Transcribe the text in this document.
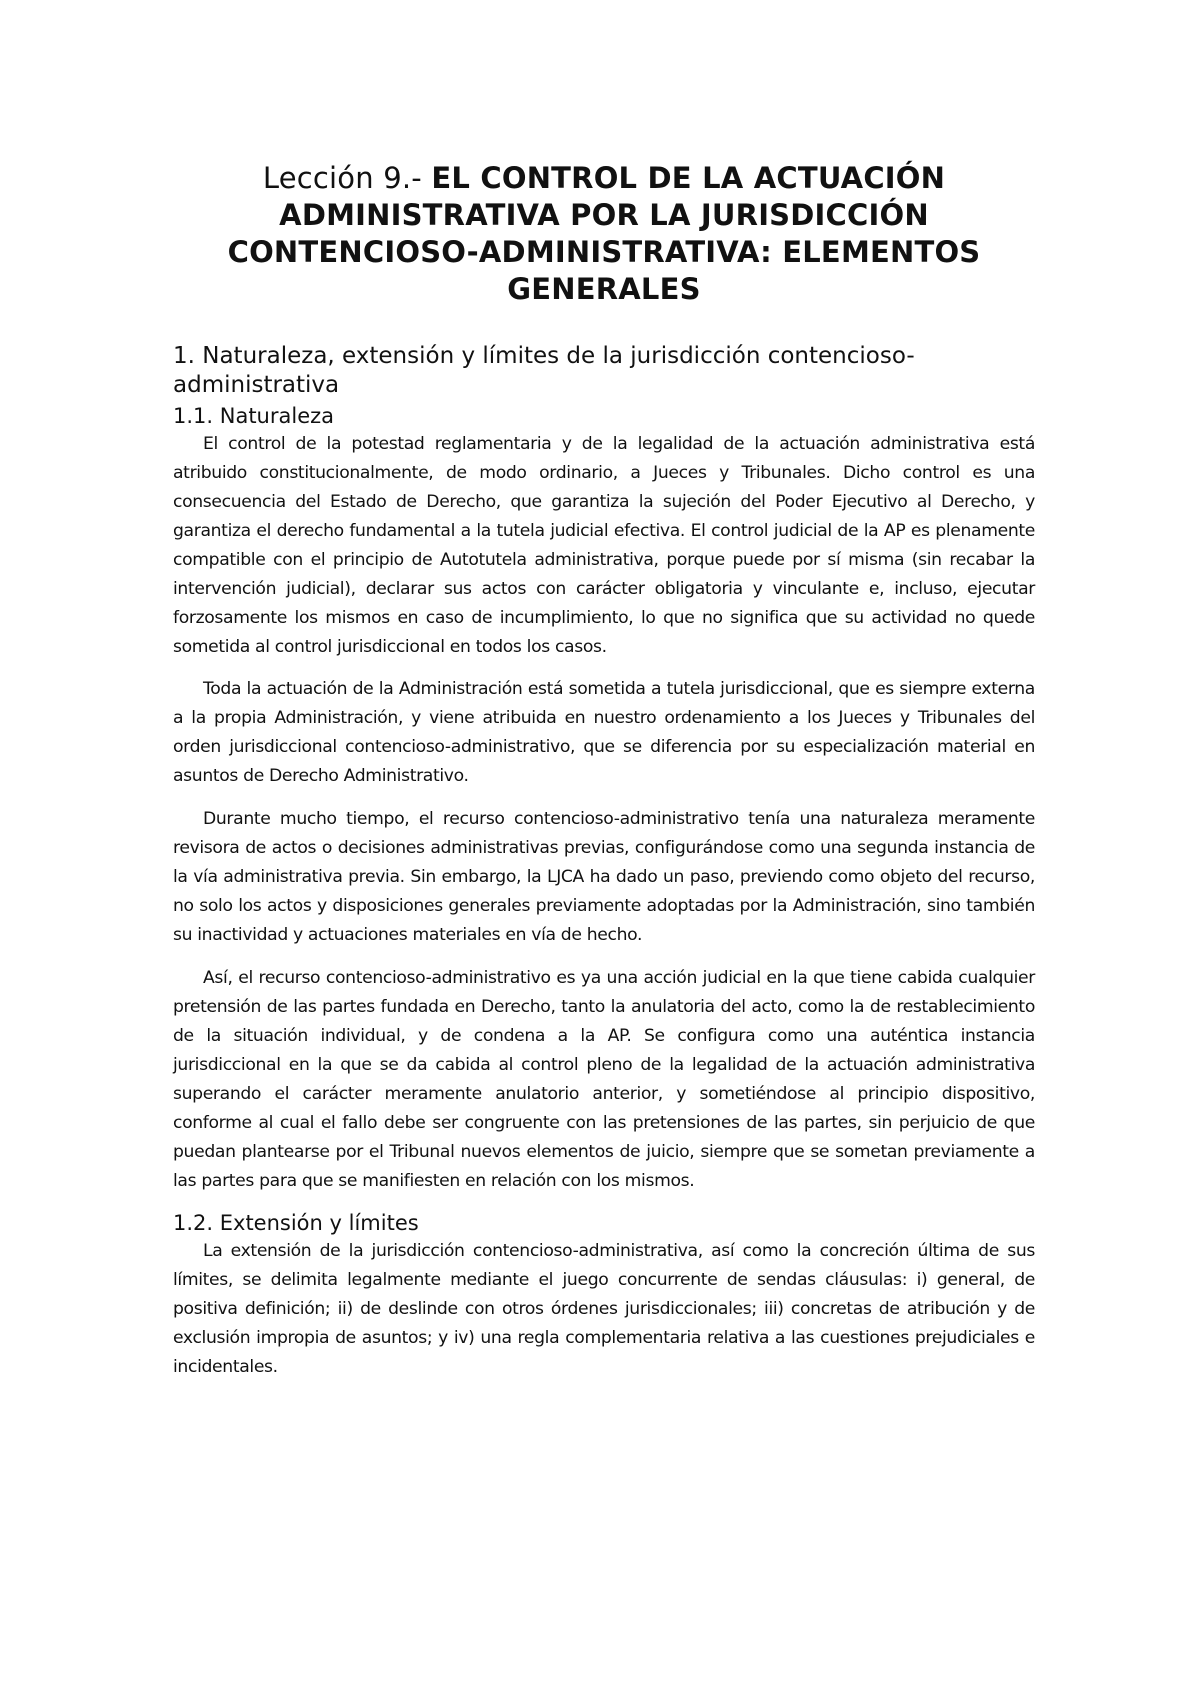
Lección 9.- EL CONTROL DE LA ACTUACIÓN ADMINISTRATIVA POR LA JURISDICCIÓN CONTENCIOSO-ADMINISTRATIVA: ELEMENTOS GENERALES
1. Naturaleza, extensión y límites de la jurisdicción contencioso-administrativa
1.1. Naturaleza

El control de la potestad reglamentaria y de la legalidad de la actuación administrativa está atribuido constitucionalmente, de modo ordinario, a Jueces y Tribunales. Dicho control es una consecuencia del Estado de Derecho, que garantiza la sujeción del Poder Ejecutivo al Derecho, y garantiza el derecho fundamental a la tutela judicial efectiva. El control judicial de la AP es plenamente compatible con el principio de Autotutela administrativa, porque puede por sí misma (sin recabar la intervención judicial), declarar sus actos con carácter obligatoria y vinculante e, incluso, ejecutar forzosamente los mismos en caso de incumplimiento, lo que no significa que su actividad no quede sometida al control jurisdiccional en todos los casos.

Toda la actuación de la Administración está sometida a tutela jurisdiccional, que es siempre externa a la propia Administración, y viene atribuida en nuestro ordenamiento a los Jueces y Tribunales del orden jurisdiccional contencioso-administrativo, que se diferencia por su especialización material en asuntos de Derecho Administrativo.

Durante mucho tiempo, el recurso contencioso-administrativo tenía una naturaleza meramente revisora de actos o decisiones administrativas previas, configurándose como una segunda instancia de la vía administrativa previa. Sin embargo, la LJCA ha dado un paso, previendo como objeto del recurso, no solo los actos y disposiciones generales previamente adoptadas por la Administración, sino también su inactividad y actuaciones materiales en vía de hecho.

Así, el recurso contencioso-administrativo es ya una acción judicial en la que tiene cabida cualquier pretensión de las partes fundada en Derecho, tanto la anulatoria del acto, como la de restablecimiento de la situación individual, y de condena a la AP. Se configura como una auténtica instancia jurisdiccional en la que se da cabida al control pleno de la legalidad de la actuación administrativa superando el carácter meramente anulatorio anterior, y sometiéndose al principio dispositivo, conforme al cual el fallo debe ser congruente con las pretensiones de las partes, sin perjuicio de que puedan plantearse por el Tribunal nuevos elementos de juicio, siempre que se sometan previamente a las partes para que se manifiesten en relación con los mismos.

1.2. Extensión y límites

La extensión de la jurisdicción contencioso-administrativa, así como la concreción última de sus límites, se delimita legalmente mediante el juego concurrente de sendas cláusulas: i) general, de positiva definición; ii) de deslinde con otros órdenes jurisdiccionales; iii) concretas de atribución y de exclusión impropia de asuntos; y iv) una regla complementaria relativa a las cuestiones prejudiciales e incidentales.
